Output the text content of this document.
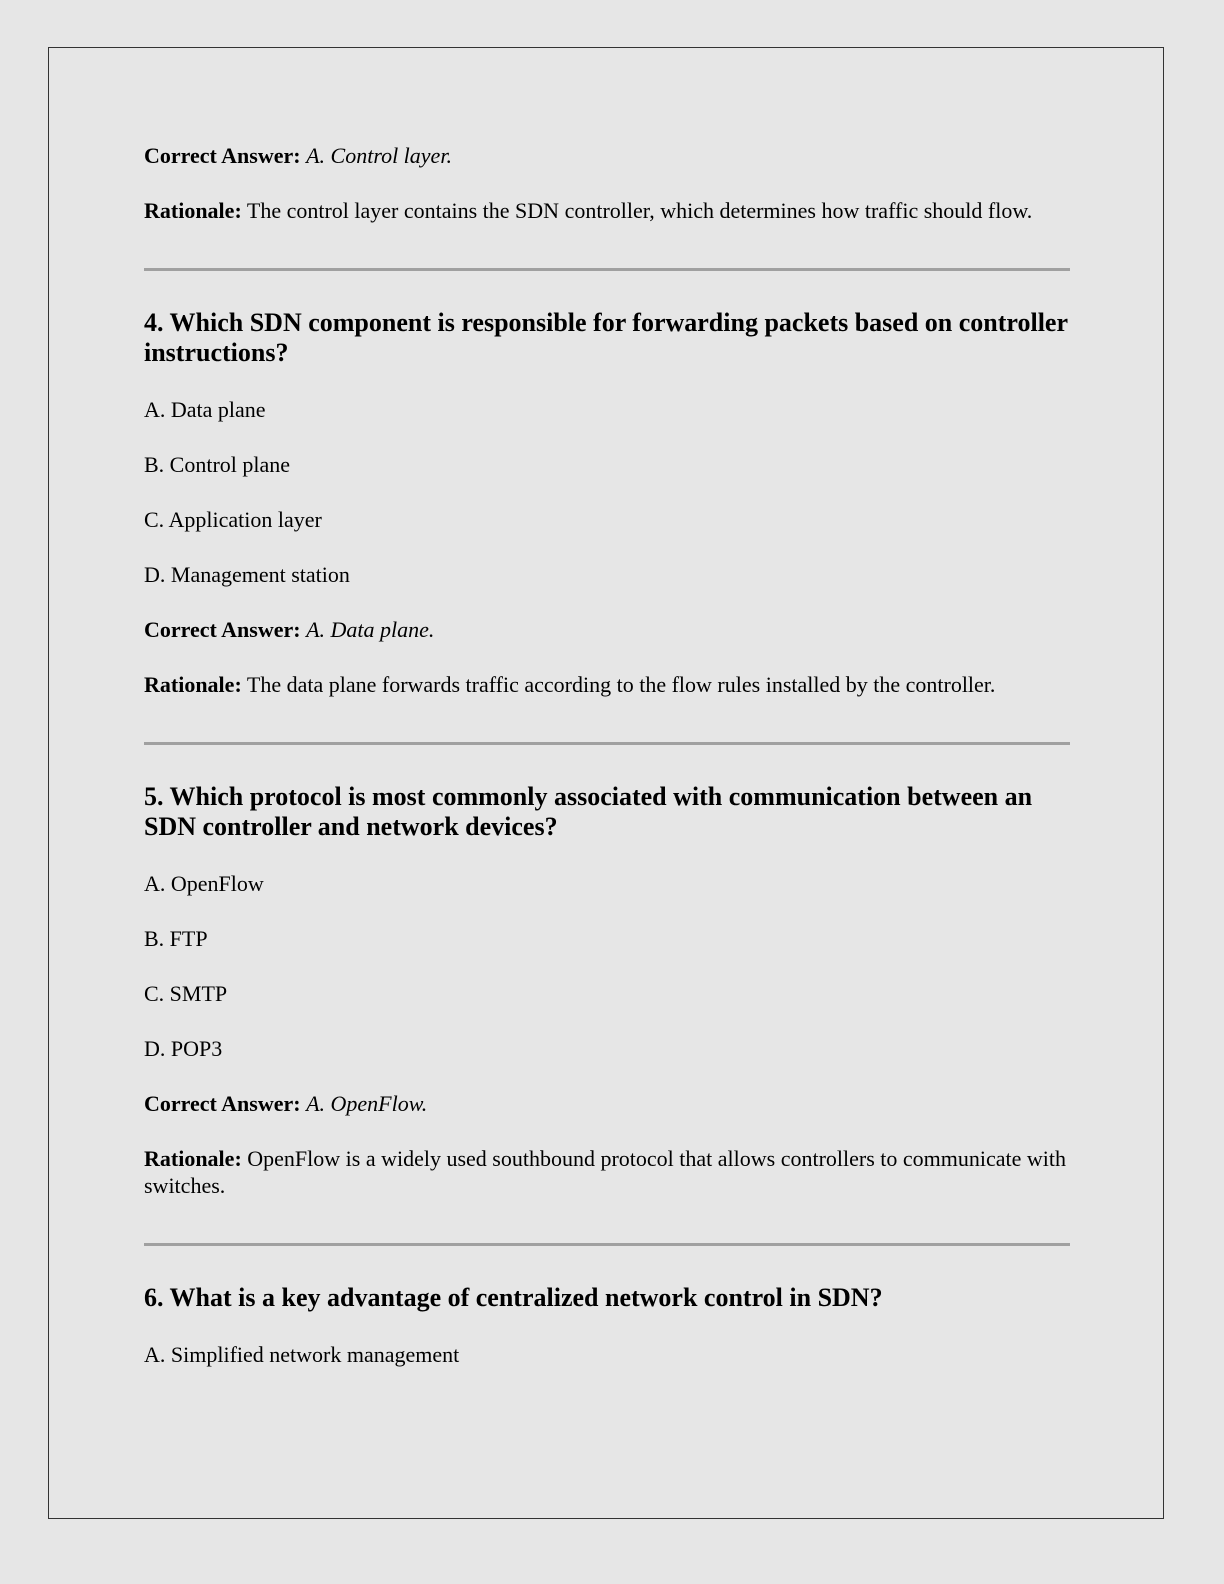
Correct Answer: A. Control layer.

Rationale: The control layer contains the SDN controller, which determines how traffic should flow.

4. Which SDN component is responsible for forwarding packets based on controller instructions?

A. Data plane

B. Control plane

C. Application layer

D. Management station

Correct Answer: A. Data plane.

Rationale: The data plane forwards traffic according to the flow rules installed by the controller.

5. Which protocol is most commonly associated with communication between an SDN controller and network devices?

A. OpenFlow

B. FTP

C. SMTP

D. POP3

Correct Answer: A. OpenFlow.

Rationale: OpenFlow is a widely used southbound protocol that allows controllers to communicate with switches.

6. What is a key advantage of centralized network control in SDN?

A. Simplified network management
